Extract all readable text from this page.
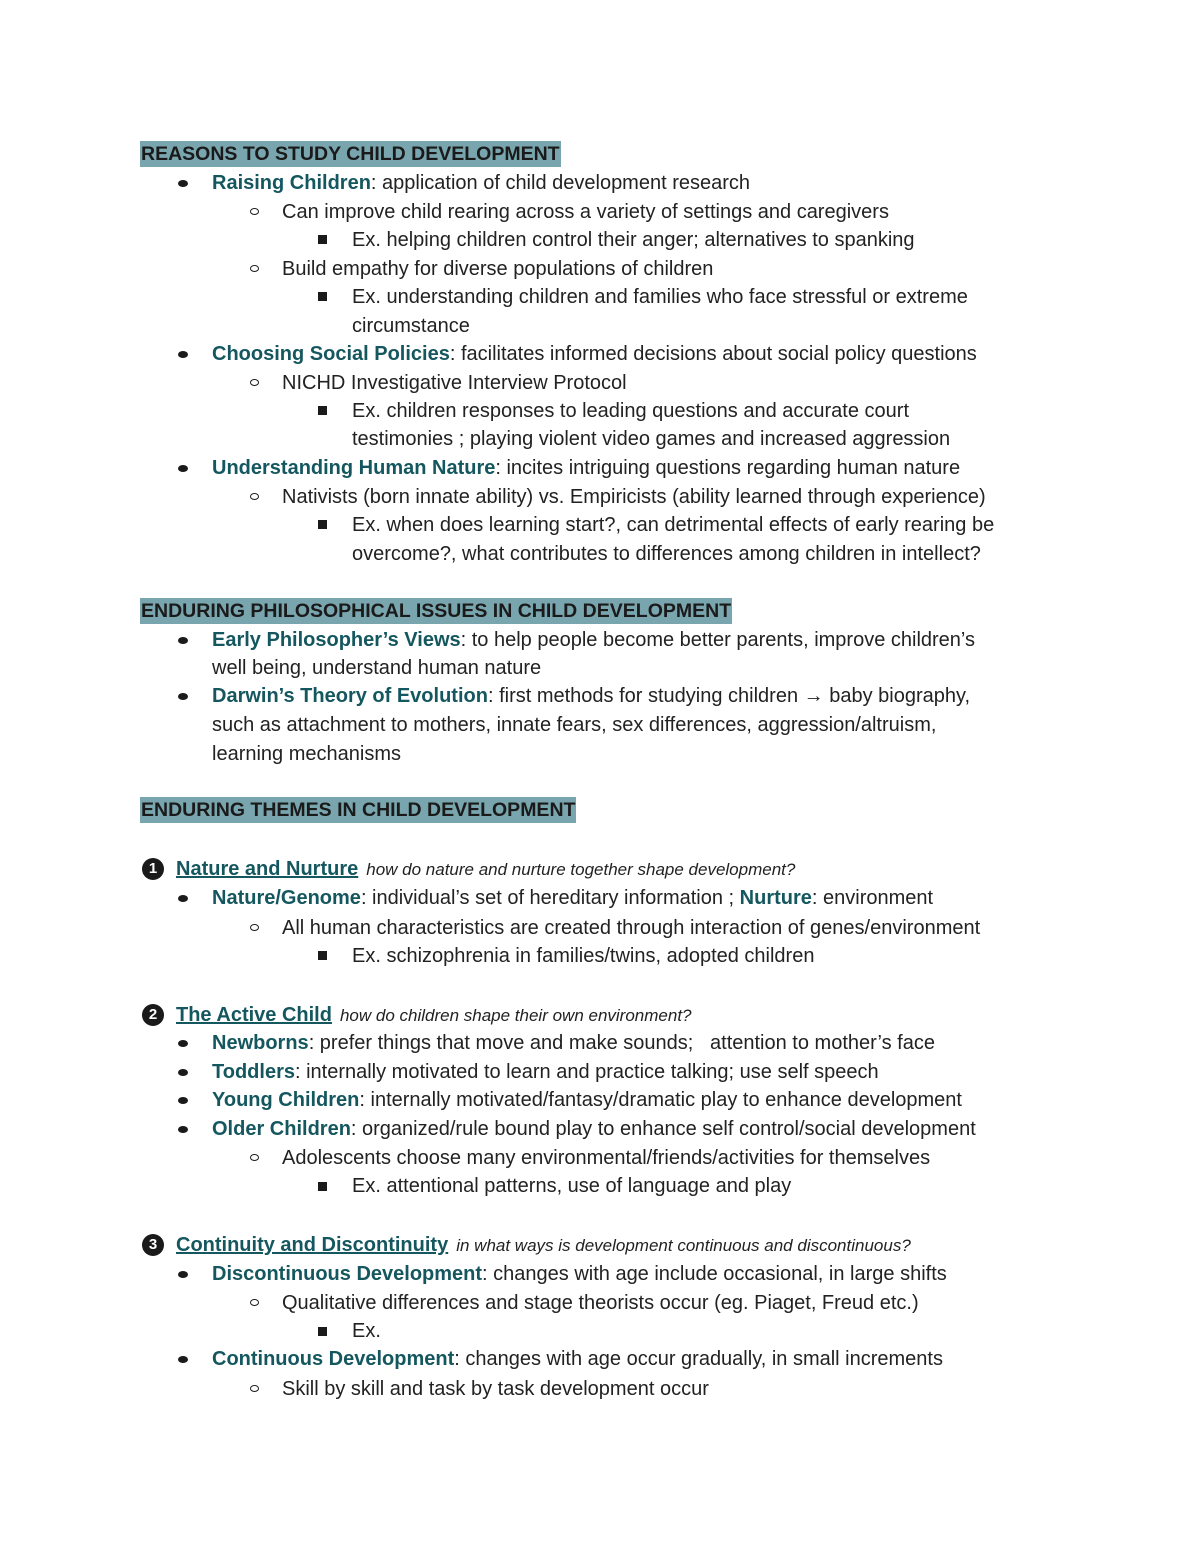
REASONS TO STUDY CHILD DEVELOPMENT
Raising Children: application of child development research
Can improve child rearing across a variety of settings and caregivers
Ex. helping children control their anger; alternatives to spanking
Build empathy for diverse populations of children
Ex. understanding children and families who face stressful or extreme
circumstance
Choosing Social Policies: facilitates informed decisions about social policy questions
NICHD Investigative Interview Protocol
Ex. children responses to leading questions and accurate court
testimonies ; playing violent video games and increased aggression
Understanding Human Nature: incites intriguing questions regarding human nature
Nativists (born innate ability) vs. Empiricists (ability learned through experience)
Ex. when does learning start?, can detrimental effects of early rearing be
overcome?, what contributes to differences among children in intellect?
ENDURING PHILOSOPHICAL ISSUES IN CHILD DEVELOPMENT
Early Philosopher’s Views: to help people become better parents, improve children’s
well being, understand human nature
Darwin’s Theory of Evolution: first methods for studying children → baby biography,
such as attachment to mothers, innate fears, sex differences, aggression/altruism,
learning mechanisms
ENDURING THEMES IN CHILD DEVELOPMENT
1 Nature and Nurture how do nature and nurture together shape development?
Nature/Genome: individual’s set of hereditary information ; Nurture: environment
All human characteristics are created through interaction of genes/environment
Ex. schizophrenia in families/twins, adopted children
2 The Active Child how do children shape their own environment?
Newborns: prefer things that move and make sounds;   attention to mother’s face
Toddlers: internally motivated to learn and practice talking; use self speech
Young Children: internally motivated/fantasy/dramatic play to enhance development
Older Children: organized/rule bound play to enhance self control/social development
Adolescents choose many environmental/friends/activities for themselves
Ex. attentional patterns, use of language and play
3 Continuity and Discontinuity in what ways is development continuous and discontinuous?
Discontinuous Development: changes with age include occasional, in large shifts
Qualitative differences and stage theorists occur (eg. Piaget, Freud etc.)
Ex.
Continuous Development: changes with age occur gradually, in small increments
Skill by skill and task by task development occur
